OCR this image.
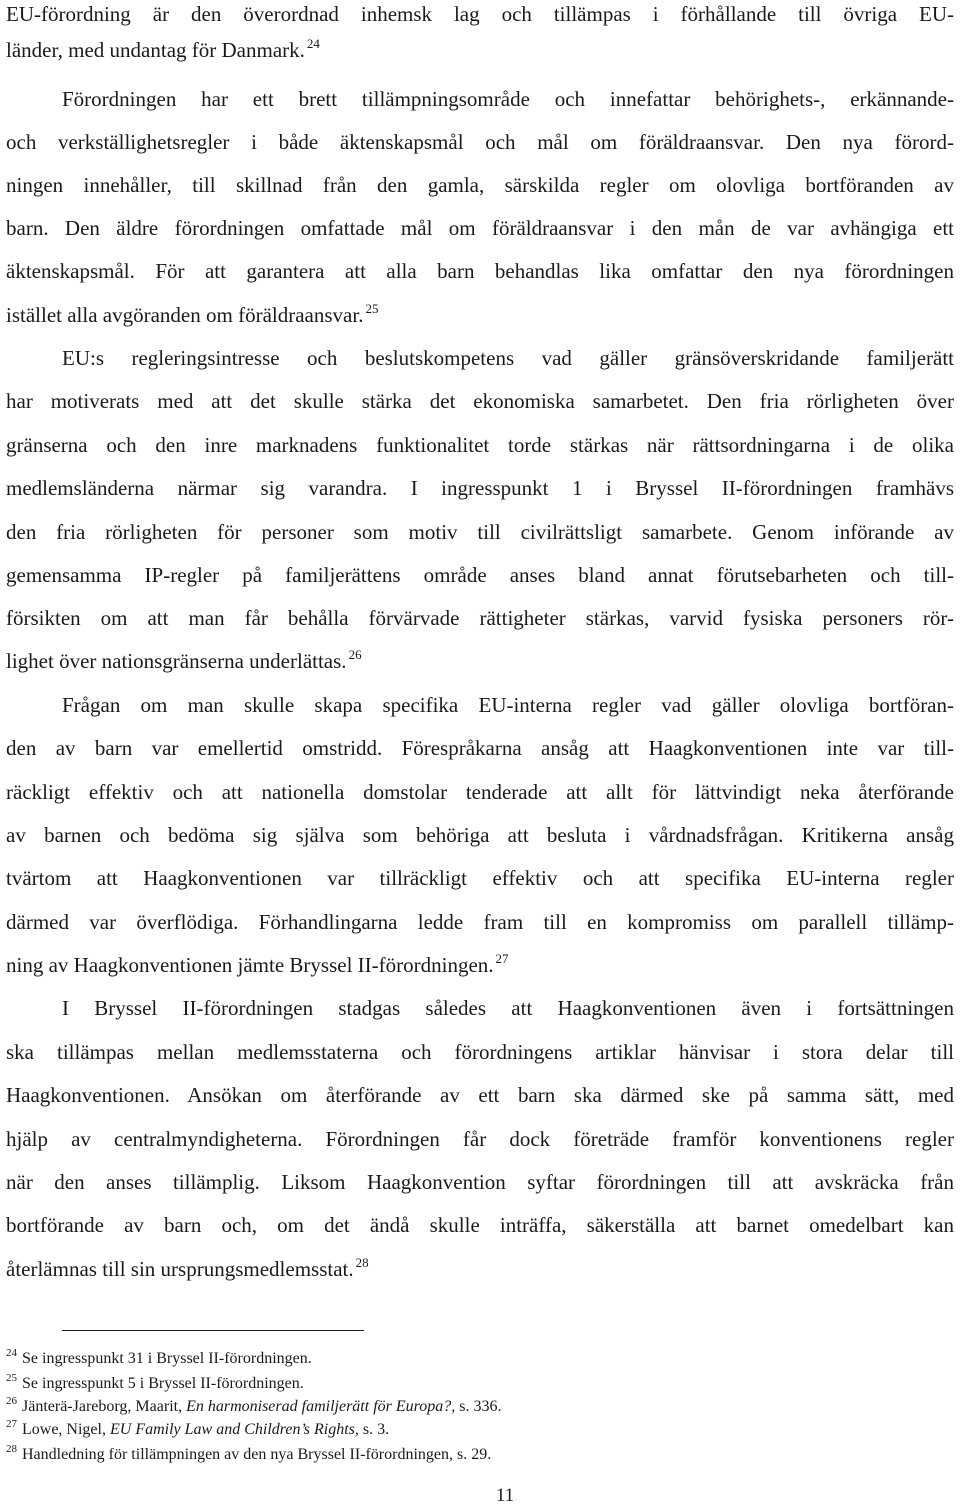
EU-förordning är den överordnad inhemsk lag och tillämpas i förhållande till övriga EU-
länder, med undantag för Danmark. $^{24}$
Förordningen har ett brett tillämpningsområde och innefattar behörighets-, erkännande-
och verkställighetsregler i både äktenskapsmål och mål om föräldraansvar. Den nya förord-
ningen innehåller, till skillnad från den gamla, särskilda regler om olovliga bortföranden av
barn. Den äldre förordningen omfattade mål om föräldraansvar i den mån de var avhängiga ett
äktenskapsmål. För att garantera att alla barn behandlas lika omfattar den nya förordningen
istället alla avgöranden om föräldraansvar. $^{25}$
EU:s regleringsintresse och beslutskompetens vad gäller gränsöverskridande familjerätt
har motiverats med att det skulle stärka det ekonomiska samarbetet. Den fria rörligheten över
gränserna och den inre marknadens funktionalitet torde stärkas när rättsordningarna i de olika
medlemsländerna närmar sig varandra. I ingresspunkt 1 i Bryssel II-förordningen framhävs
den fria rörligheten för personer som motiv till civilrättsligt samarbete. Genom införande av
gemensamma IP-regler på familjerättens område anses bland annat förutsebarheten och till-
försikten om att man får behålla förvärvade rättigheter stärkas, varvid fysiska personers rör-
lighet över nationsgränserna underlättas. $^{26}$
Frågan om man skulle skapa specifika EU-interna regler vad gäller olovliga bortföran-
den av barn var emellertid omstridd. Förespråkarna ansåg att Haagkonventionen inte var till-
räckligt effektiv och att nationella domstolar tenderade att allt för lättvindigt neka återförande
av barnen och bedöma sig själva som behöriga att besluta i vårdnadsfrågan. Kritikerna ansåg
tvärtom att Haagkonventionen var tillräckligt effektiv och att specifika EU-interna regler
därmed var överflödiga. Förhandlingarna ledde fram till en kompromiss om parallell tillämp-
ning av Haagkonventionen jämte Bryssel II-förordningen. $^{27}$
I Bryssel II-förordningen stadgas således att Haagkonventionen även i fortsättningen
ska tillämpas mellan medlemsstaterna och förordningens artiklar hänvisar i stora delar till
Haagkonventionen. Ansökan om återförande av ett barn ska därmed ske på samma sätt, med
hjälp av centralmyndigheterna. Förordningen får dock företräde framför konventionens regler
när den anses tillämplig. Liksom Haagkonvention syftar förordningen till att avskräcka från
bortförande av barn och, om det ändå skulle inträffa, säkerställa att barnet omedelbart kan
återlämnas till sin ursprungsmedlemsstat. $^{28}$
$^{24}$ Se ingresspunkt 31 i Bryssel II-förordningen.
$^{25}$ Se ingresspunkt 5 i Bryssel II-förordningen.
$^{26}$ Jänterä-Jareborg, Maarit, En harmoniserad familjerätt för Europa?, s. 336.
$^{27}$ Lowe, Nigel, EU Family Law and Children’s Rights, s. 3.
$^{28}$ Handledning för tillämpningen av den nya Bryssel II-förordningen, s. 29.
11
